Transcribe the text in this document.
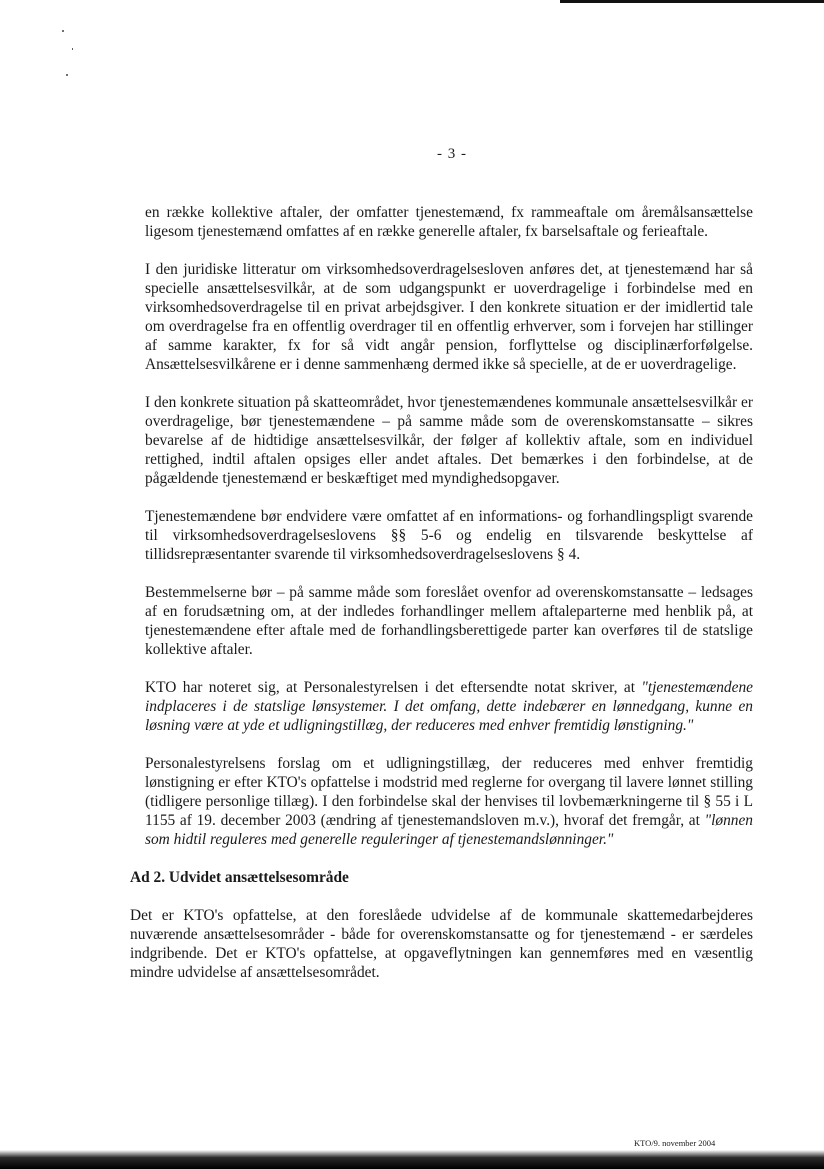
- 3 -

en række kollektive aftaler, der omfatter tjenestemænd, fx rammeaftale om åremålsansættelse ligesom tjenestemænd omfattes af en række generelle aftaler, fx barselsaftale og ferieaftale.

I den juridiske litteratur om virksomhedsoverdragelsesloven anføres det, at tjenestemænd har så specielle ansættelsesvilkår, at de som udgangspunkt er uoverdragelige i forbindelse med en virksomhedsoverdragelse til en privat arbejdsgiver. I den konkrete situation er der imidlertid tale om overdragelse fra en offentlig overdrager til en offentlig erhverver, som i forvejen har stillinger af samme karakter, fx for så vidt angår pension, forflyttelse og disciplinærforfølgelse. Ansættelsesvilkårene er i denne sammenhæng dermed ikke så specielle, at de er uoverdragelige.

I den konkrete situation på skatteområdet, hvor tjenestemændenes kommunale ansættelsesvilkår er overdragelige, bør tjenestemændene – på samme måde som de overenskomstansatte – sikres bevarelse af de hidtidige ansættelsesvilkår, der følger af kollektiv aftale, som en individuel rettighed, indtil aftalen opsiges eller andet aftales. Det bemærkes i den forbindelse, at de pågældende tjenestemænd er beskæftiget med myndighedsopgaver.

Tjenestemændene bør endvidere være omfattet af en informations- og forhandlingspligt svarende til virksomhedsoverdragelseslovens §§ 5-6 og endelig en tilsvarende beskyttelse af tillidsrepræsentanter svarende til virksomhedsoverdragelseslovens § 4.

Bestemmelserne bør – på samme måde som foreslået ovenfor ad overenskomstansatte – ledsages af en forudsætning om, at der indledes forhandlinger mellem aftaleparterne med henblik på, at tjenestemændene efter aftale med de forhandlingsberettigede parter kan overføres til de statslige kollektive aftaler.

KTO har noteret sig, at Personalestyrelsen i det eftersendte notat skriver, at "tjenestemændene indplaceres i de statslige lønsystemer. I det omfang, dette indebærer en lønnedgang, kunne en løsning være at yde et udligningstillæg, der reduceres med enhver fremtidig lønstigning."

Personalestyrelsens forslag om et udligningstillæg, der reduceres med enhver fremtidig lønstigning er efter KTO's opfattelse i modstrid med reglerne for overgang til lavere lønnet stilling (tidligere personlige tillæg). I den forbindelse skal der henvises til lovbemærkningerne til § 55 i L 1155 af 19. december 2003 (ændring af tjenestemandsloven m.v.), hvoraf det fremgår, at "lønnen som hidtil reguleres med generelle reguleringer af tjenestemandslønninger."

Ad 2. Udvidet ansættelsesområde

Det er KTO's opfattelse, at den foreslåede udvidelse af de kommunale skattemedarbejderes nuværende ansættelsesområder - både for overenskomstansatte og for tjenestemænd - er særdeles indgribende. Det er KTO's opfattelse, at opgaveflytningen kan gennemføres med en væsentlig mindre udvidelse af ansættelsesområdet.

KTO/9. november 2004
